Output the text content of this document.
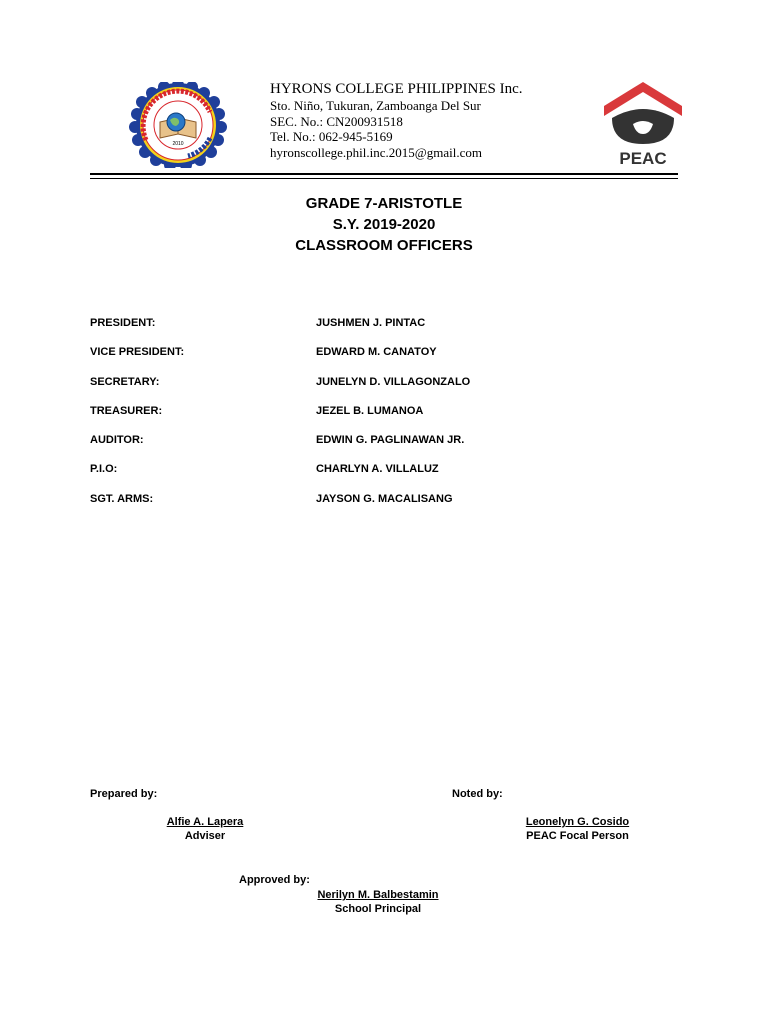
2010
HYRONS COLLEGE PHILIPPINES Inc.
Sto. Niño, Tukuran, Zamboanga Del Sur
SEC. No.: CN200931518
Tel. No.: 062-945-5169
hyronscollege.phil.inc.2015@gmail.com	PEAC
GRADE 7-ARISTOTLE
S.Y. 2019-2020
CLASSROOM OFFICERS
PRESIDENT:	JUSHMEN J. PINTAC
VICE PRESIDENT:	EDWARD M. CANATOY
SECRETARY:	JUNELYN D. VILLAGONZALO
TREASURER:	JEZEL B. LUMANOA
AUDITOR:	EDWIN G. PAGLINAWAN JR.
P.I.O:	CHARLYN A. VILLALUZ
SGT. ARMS:	JAYSON G. MACALISANG
Prepared by:	Noted by:
Alfie A. Lapera
Adviser
Leonelyn G. Cosido
PEAC Focal Person
Approved by:
Nerilyn M. Balbestamin
School Principal
